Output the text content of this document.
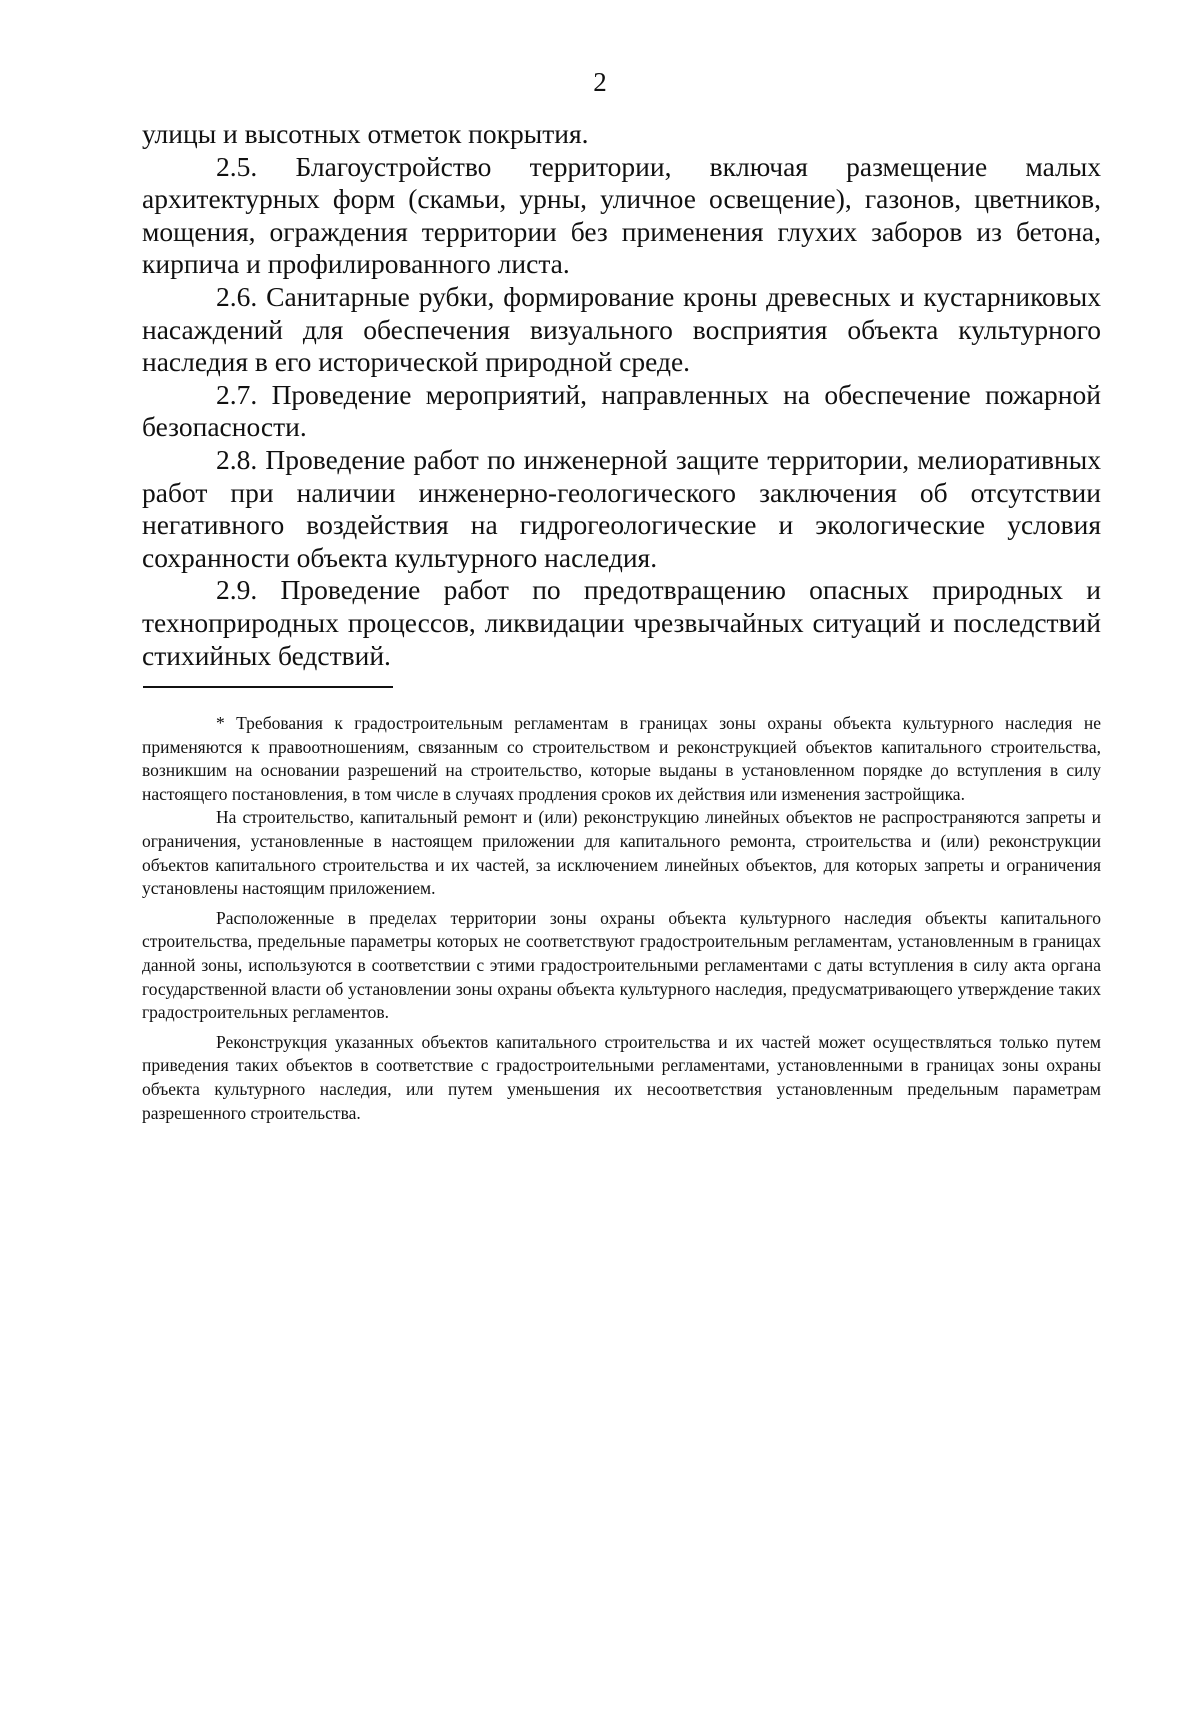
2

улицы и высотных отметок покрытия.

2.5. Благоустройство территории, включая размещение малых архитектурных форм (скамьи, урны, уличное освещение), газонов, цветников, мощения, ограждения территории без применения глухих заборов из бетона, кирпича и профилированного листа.

2.6. Санитарные рубки, формирование кроны древесных и кустарниковых насаждений для обеспечения визуального восприятия объекта культурного наследия в его исторической природной среде.

2.7. Проведение мероприятий, направленных на обеспечение пожарной безопасности.

2.8. Проведение работ по инженерной защите территории, мелиоративных работ при наличии инженерно-геологического заключения об отсутствии негативного воздействия на гидрогеологические и экологические условия сохранности объекта культурного наследия.

2.9. Проведение работ по предотвращению опасных природных и техноприродных процессов, ликвидации чрезвычайных ситуаций и последствий стихийных бедствий.

* Требования к градостроительным регламентам в границах зоны охраны объекта культурного наследия не применяются к правоотношениям, связанным со строительством и реконструкцией объектов капитального строительства, возникшим на основании разрешений на строительство, которые выданы в установленном порядке до вступления в силу настоящего постановления, в том числе в случаях продления сроков их действия или изменения застройщика.

На строительство, капитальный ремонт и (или) реконструкцию линейных объектов не распространяются запреты и ограничения, установленные в настоящем приложении для капитального ремонта, строительства и (или) реконструкции объектов капитального строительства и их частей, за исключением линейных объектов, для которых запреты и ограничения установлены настоящим приложением.

Расположенные в пределах территории зоны охраны объекта культурного наследия объекты капитального строительства, предельные параметры которых не соответствуют градостроительным регламентам, установленным в границах данной зоны, используются в соответствии с этими градостроительными регламентами с даты вступления в силу акта органа государственной власти об установлении зоны охраны объекта культурного наследия, предусматривающего утверждение таких градостроительных регламентов.

Реконструкция указанных объектов капитального строительства и их частей может осуществляться только путем приведения таких объектов в соответствие с градостроительными регламентами, установленными в границах зоны охраны объекта культурного наследия, или путем уменьшения их несоответствия установленным предельным параметрам разрешенного строительства.
